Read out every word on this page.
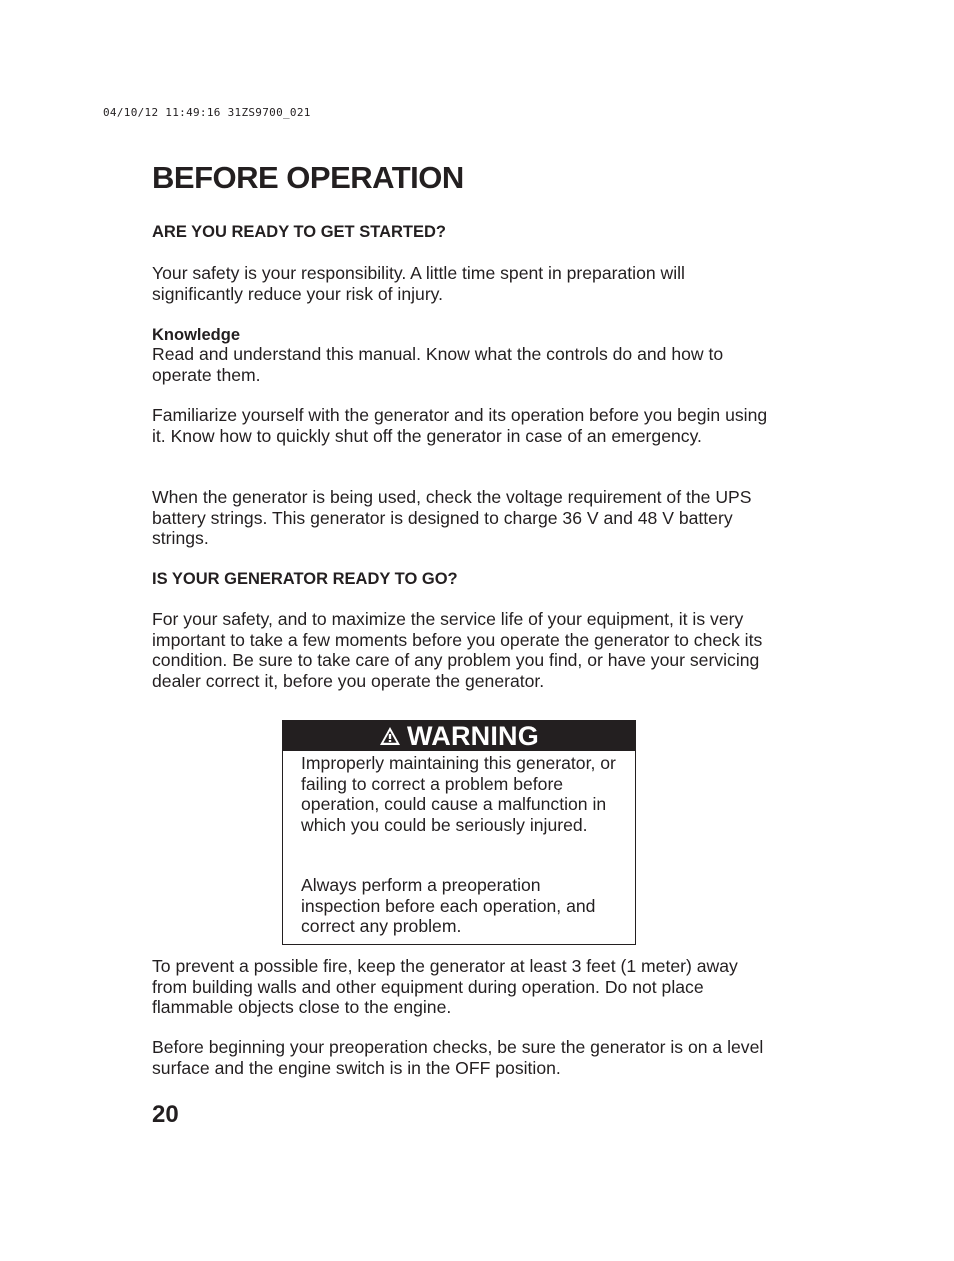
04/10/12 11:49:16 31ZS9700_021
BEFORE OPERATION
ARE YOU READY TO GET STARTED?

Your safety is your responsibility. A little time spent in preparation will significantly reduce your risk of injury.

Knowledge

Read and understand this manual. Know what the controls do and how to operate them.

Familiarize yourself with the generator and its operation before you begin using it. Know how to quickly shut off the generator in case of an emergency.

When the generator is being used, check the voltage requirement of the UPS battery strings. This generator is designed to charge 36 V and 48 V battery strings.

IS YOUR GENERATOR READY TO GO?

For your safety, and to maximize the service life of your equipment, it is very important to take a few moments before you operate the generator to check its condition. Be sure to take care of any problem you find, or have your servicing dealer correct it, before you operate the generator.

WARNING

Improperly maintaining this generator, or failing to correct a problem before operation, could cause a malfunction in which you could be seriously injured.

Always perform a preoperation inspection before each operation, and correct any problem.

To prevent a possible fire, keep the generator at least 3 feet (1 meter) away from building walls and other equipment during operation. Do not place flammable objects close to the engine.

Before beginning your preoperation checks, be sure the generator is on a level surface and the engine switch is in the OFF position.

20
